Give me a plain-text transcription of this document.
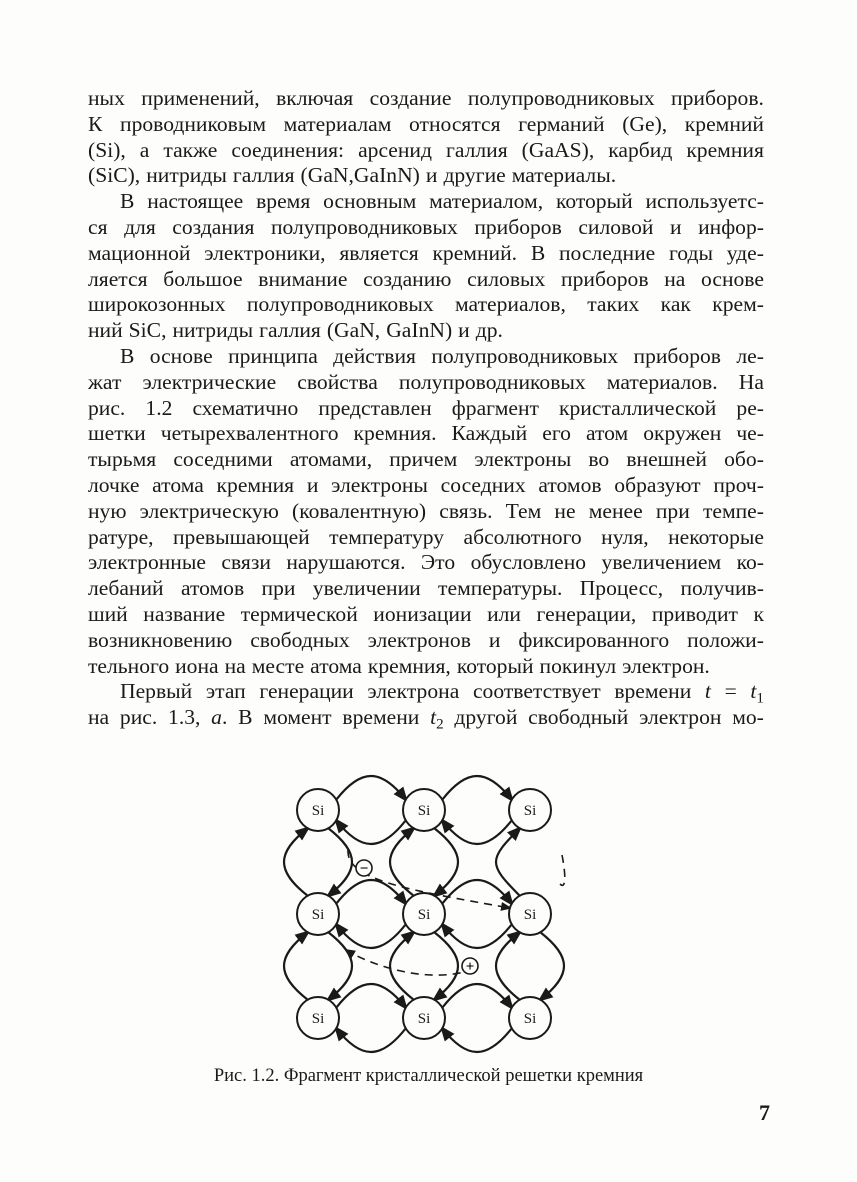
ных применений, включая создание полупроводниковых приборов.
К проводниковым материалам относятся германий (Ge), кремний
(Si), а также соединения: арсенид галлия (GaAS), карбид кремния
(SiC), нитриды галлия (GaN,GaInN) и другие материалы.
В настоящее время основным материалом, который используетс-
ся для создания полупроводниковых приборов силовой и инфор-
мационной электроники, является кремний. В последние годы уде-
ляется большое внимание созданию силовых приборов на основе
широкозонных полупроводниковых материалов, таких как крем-
ний SiC, нитриды галлия (GaN, GaInN) и др.
В основе принципа действия полупроводниковых приборов ле-
жат электрические свойства полупроводниковых материалов. На
рис. 1.2 схематично представлен фрагмент кристаллической ре-
шетки четырехвалентного кремния. Каждый его атом окружен че-
тырьмя соседними атомами, причем электроны во внешней обо-
лочке атома кремния и электроны соседних атомов образуют проч-
ную электрическую (ковалентную) связь. Тем не менее при темпе-
ратуре, превышающей температуру абсолютного нуля, некоторые
электронные связи нарушаются. Это обусловлено увеличением ко-
лебаний атомов при увеличении температуры. Процесс, получив-
ший название термической ионизации или генерации, приводит к
возникновению свободных электронов и фиксированного положи-
тельного иона на месте атома кремния, который покинул электрон.
Первый этап генерации электрона соответствует времени $t = t_1$
на рис. 1.3, а. В момент времени $t_2$ другой свободный электрон мо-
Si	Si	Si
Si	Si	Si
Si	Si	Si
−
+
Рис. 1.2. Фрагмент кристаллической решетки кремния
7
